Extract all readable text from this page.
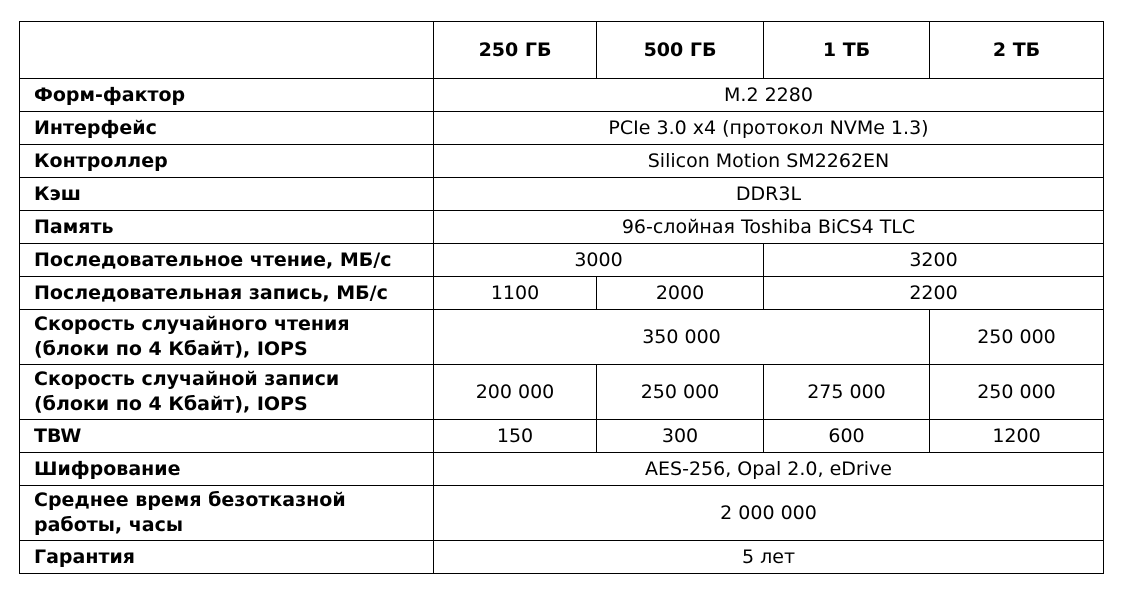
	250 ГБ	500 ГБ	1 ТБ	2 ТБ
Форм-фактор	M.2 2280			
Интерфейс	PCIe 3.0 x4 (протокол NVMe 1.3)			
Контроллер	Silicon Motion SM2262EN			
Кэш	DDR3L			
Память	96-слойная Toshiba BiCS4 TLC			
Последовательное чтение, МБ/с	3000		3200	
Последовательная запись, МБ/с	1100	2000	2200	
Скорость случайного чтения
(блоки по 4 Кбайт), IOPS	350 000			250 000
Скорость случайной записи
(блоки по 4 Кбайт), IOPS	200 000	250 000	275 000	250 000
TBW	150	300	600	1200
Шифрование	AES-256, Opal 2.0, eDrive			
Среднее время безотказной
работы, часы	2 000 000			
Гарантия	5 лет			
